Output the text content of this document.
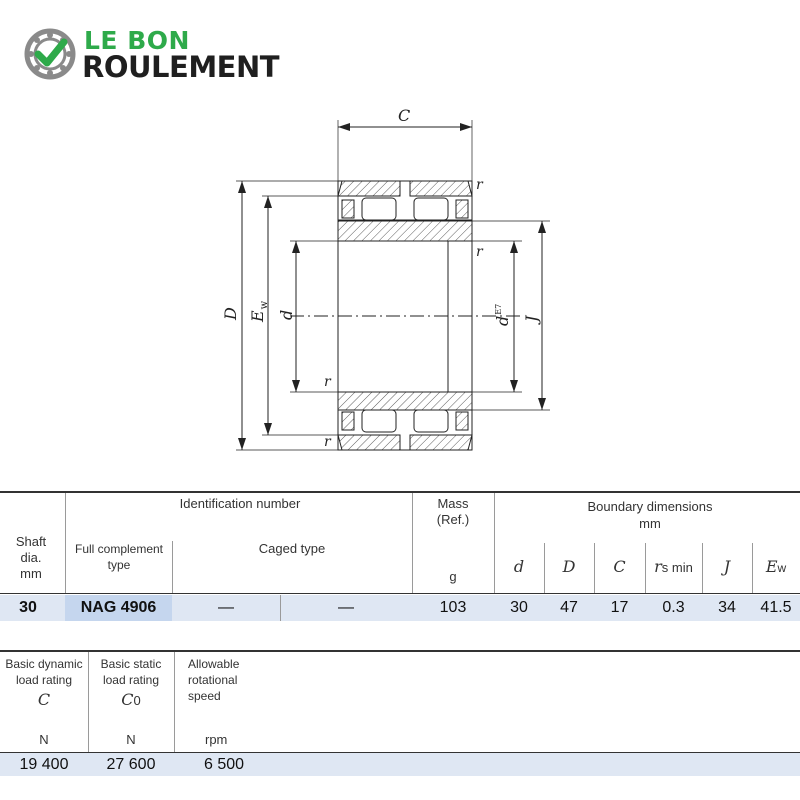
LE BON
ROULEMENT
C
D $E_w$
d
$d^{E7}$
J
r
r
r
r
Shaft dia.
mm
Identification number
Full complement type
Caged type
Mass (Ref.)
g
Boundary dimensions
mm
d	D	C	rs min	J	Ew
30	NAG 4906	—	—	103	30	47	17	0.3	34	41.5
Basic dynamic load rating
C
Basic static load rating
C0
Allowable rotational speed
N	N	rpm
19 400	27 600	6 500
